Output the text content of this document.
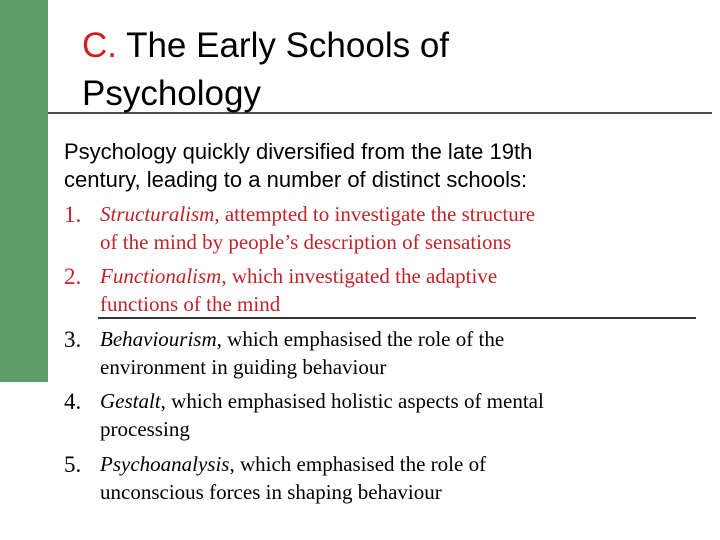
C. The Early Schools of
Psychology
Psychology quickly diversified from the late 19th
century, leading to a number of distinct schools:
1. Structuralism, attempted to investigate the structure
of the mind by people’s description of sensations
2. Functionalism, which investigated the adaptive
functions of the mind
3. Behaviourism, which emphasised the role of the
environment in guiding behaviour
4. Gestalt, which emphasised holistic aspects of mental
processing
5. Psychoanalysis, which emphasised the role of
unconscious forces in shaping behaviour
